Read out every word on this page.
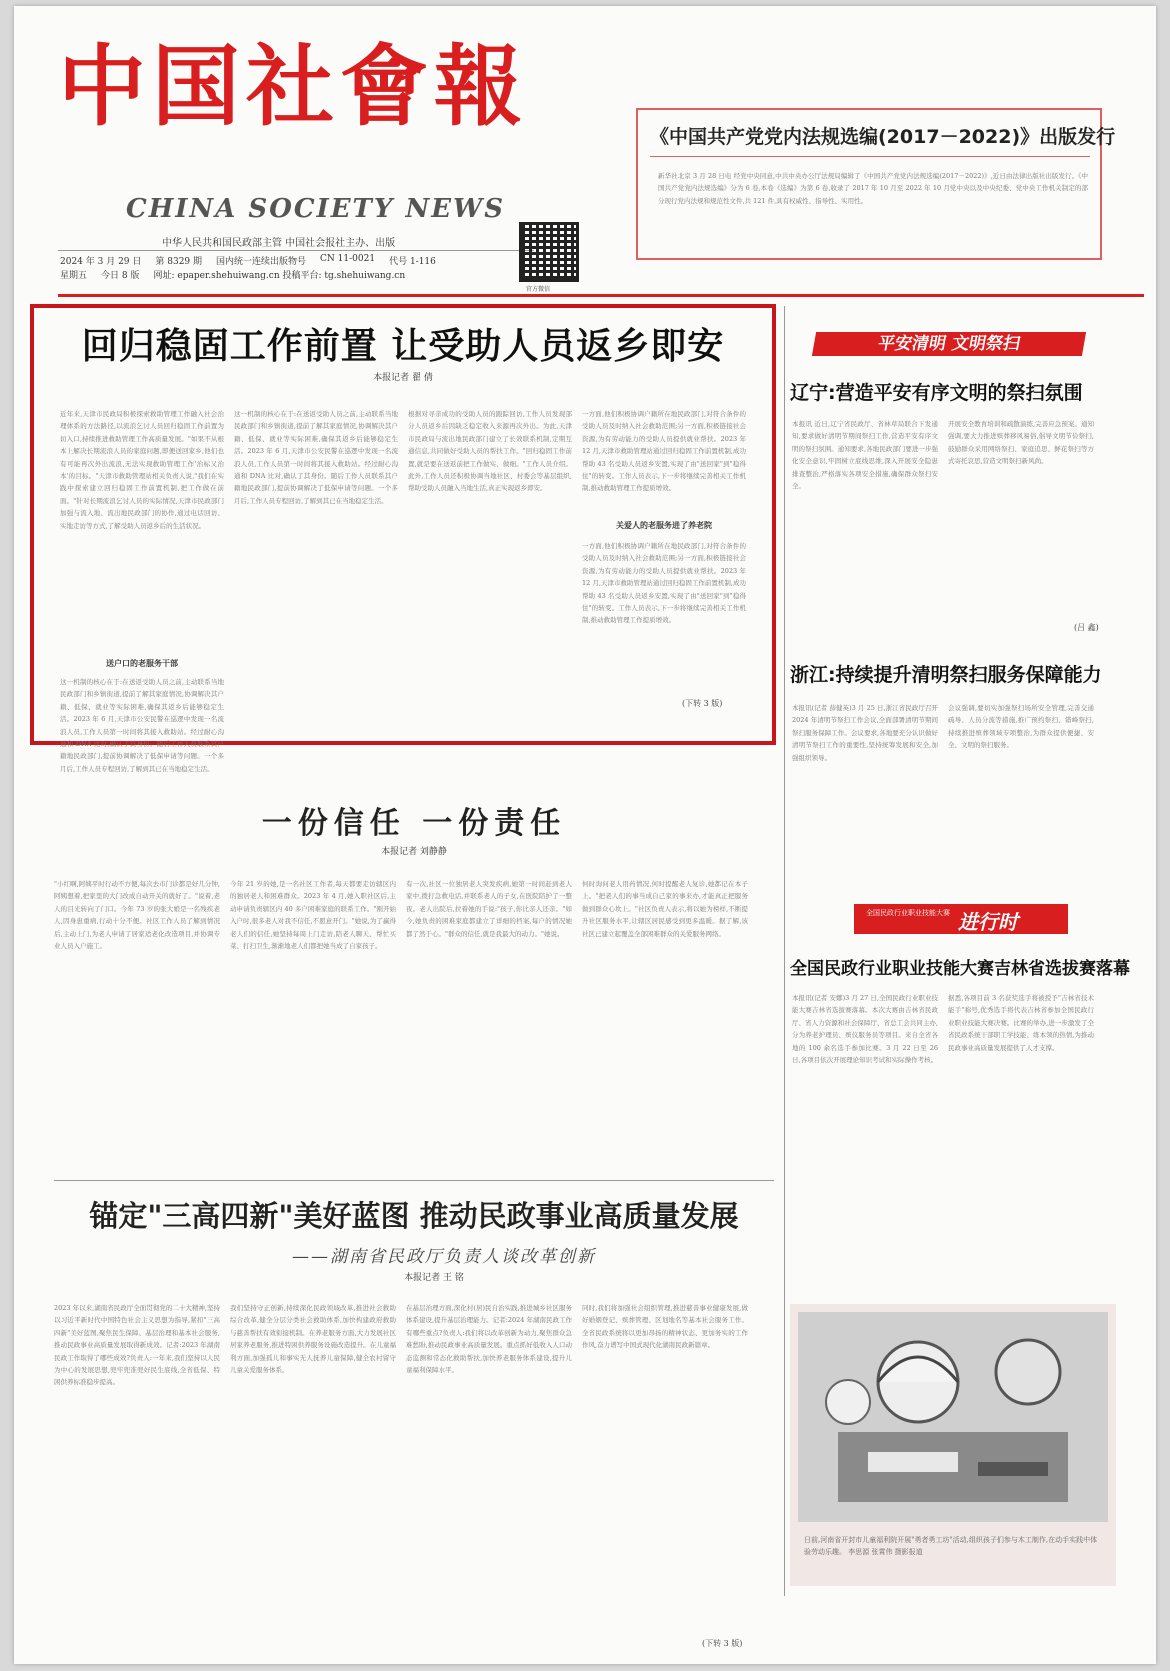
中国社會報
CHINA SOCIETY NEWS
中华人民共和国民政部主管 中国社会报社主办、出版
2024 年 3 月 29 日 第 8329 期 国内统一连续出版物号 CN 11-0021 代号 1-116
星期五 今日 8 版 网址: epaper.shehuiwang.cn 投稿平台: tg.shehuiwang.cn
官方微信
《中国共产党党内法规选编(2017－2022)》出版发行
新华社北京 3 月 28 日电 经党中央同意,中共中央办公厅法规局编辑了《中国共产党党内法规选编(2017－2022)》,近日由法律出版社出版发行。《中国共产党党内法规选编》分为 6 卷,本卷《选编》为第 6 卷,收录了 2017 年 10 月至 2022 年 10 月党中央以及中央纪委、党中央工作机关制定的部分现行党内法规和规范性文件,共 121 件,具有权威性、指导性、实用性。
回归稳固工作前置 让受助人员返乡即安
本报记者 翟 倩
近年来,天津市民政局积极探索救助管理工作融入社会治理体系的方法路径,以流浪乞讨人员回归稳固工作前置为切入口,持续推进救助管理工作高质量发展。"如果不从根本上解决长期流浪人员的家庭问题,即便送回家乡,他们也有可能再次外出流浪,无法实现救助管理工作'治标又治本'的目标。"天津市救助管理站相关负责人说,"我们在实践中探索建立回归稳固工作前置机制,把工作做在前面。"针对长期流浪乞讨人员的实际情况,天津市民政部门加强与流入地、流出地民政部门的协作,通过电话回访、实地走访等方式,了解受助人员返乡后的生活状况。
送户口的老服务干部
这一机制的核心在于:在送返受助人员之前,主动联系当地民政部门和乡镇街道,提前了解其家庭情况,协调解决其户籍、低保、就业等实际困难,确保其返乡后能够稳定生活。2023 年 6 月,天津市公安民警在巡逻中发现一名流浪人员,工作人员第一时间将其接入救助站。经过耐心沟通和 DNA 比对,确认了其身份。随后工作人员联系其户籍地民政部门,提前协调解决了低保申请等问题。一个多月后,工作人员专程回访,了解到其已在当地稳定生活。
这一机制的核心在于:在送返受助人员之前,主动联系当地民政部门和乡镇街道,提前了解其家庭情况,协调解决其户籍、低保、就业等实际困难,确保其返乡后能够稳定生活。2023 年 6 月,天津市公安民警在巡逻中发现一名流浪人员,工作人员第一时间将其接入救助站。经过耐心沟通和 DNA 比对,确认了其身份。随后工作人员联系其户籍地民政部门,提前协调解决了低保申请等问题。一个多月后,工作人员专程回访,了解到其已在当地稳定生活。
根据对寻亲成功的受助人员的跟踪回访,工作人员发现部分人员返乡后因缺乏稳定收入来源再次外出。为此,天津市民政局与流出地民政部门建立了长效联系机制,定期互通信息,共同做好受助人员的帮扶工作。"回归稳固工作前置,就是要在送返前把工作做实、做细。"工作人员介绍。此外,工作人员还积极协调当地社区、村委会等基层组织,帮助受助人员融入当地生活,真正实现返乡即安。
一方面,他们积极协调户籍所在地民政部门,对符合条件的受助人员及时纳入社会救助范围;另一方面,积极链接社会资源,为有劳动能力的受助人员提供就业帮扶。2023 年 12 月,天津市救助管理站通过回归稳固工作前置机制,成功帮助 43 名受助人员返乡安置,实现了由"送回家"到"稳得住"的转变。工作人员表示,下一步将继续完善相关工作机制,推动救助管理工作提质增效。
关爱人的老服务进了养老院
一方面,他们积极协调户籍所在地民政部门,对符合条件的受助人员及时纳入社会救助范围;另一方面,积极链接社会资源,为有劳动能力的受助人员提供就业帮扶。2023 年 12 月,天津市救助管理站通过回归稳固工作前置机制,成功帮助 43 名受助人员返乡安置,实现了由"送回家"到"稳得住"的转变。工作人员表示,下一步将继续完善相关工作机制,推动救助管理工作提质增效。
(下转 3 版)
一份信任 一份责任
本报记者 刘静静
"小红啊,阿姨平时行动不方便,每次去市门诊都是好几分钟,阿姨想着,把家里的大门改成自动开关的就好了。"说着,老人的目光转向了门口。今年 73 岁的张大娘是一名残疾老人,因身患重病,行动十分不便。社区工作人员了解到情况后,主动上门,为老人申请了居家适老化改造项目,并协调专业人员入户施工。
今年 21 岁的她,是一名社区工作者,每天都要走访辖区内的独居老人和困难群众。2023 年 4 月,她入职社区后,主动申请负责辖区内 40 多户困难家庭的联系工作。"刚开始入户时,很多老人对我不信任,不愿意开门。"她说,为了赢得老人们的信任,她坚持每周上门走访,陪老人聊天、帮忙买菜、打扫卫生,渐渐地老人们都把她当成了自家孩子。
有一次,社区一位独居老人突发疾病,她第一时间赶到老人家中,拨打急救电话,并联系老人的子女,在医院陪护了一整夜。老人出院后,拉着她的手说:"孩子,你比亲人还亲。"如今,她负责的困难家庭都建立了详细的档案,每户的情况她都了然于心。"群众的信任,就是我最大的动力。"她说。
何时询问老人用药情况,何时提醒老人复诊,她都记在本子上。"把老人们的事当成自己家的事来办,才能真正把服务做到群众心坎上。"社区负责人表示,将以她为榜样,不断提升社区服务水平,让辖区居民感受到更多温暖。据了解,该社区已建立起覆盖全部困难群众的关爱服务网络。
锚定"三高四新"美好蓝图 推动民政事业高质量发展
——湖南省民政厅负责人谈改革创新
本报记者 王 铭
2023 年以来,湖南省民政厅全面贯彻党的二十大精神,坚持以习近平新时代中国特色社会主义思想为指导,紧扣"三高四新"美好蓝图,聚焦民生保障、基层治理和基本社会服务,推动民政事业高质量发展取得新成效。记者:2023 年湖南民政工作取得了哪些成效?负责人:一年来,我们坚持以人民为中心的发展思想,兜牢兜准兜好民生底线,全省低保、特困供养标准稳步提高。
我们坚持守正创新,持续深化民政领域改革,推进社会救助综合改革,健全分层分类社会救助体系,加快构建政府救助与慈善帮扶有效衔接机制。在养老服务方面,大力发展社区居家养老服务,推进特困供养服务设施改造提升。在儿童福利方面,加强孤儿和事实无人抚养儿童保障,健全农村留守儿童关爱服务体系。
在基层治理方面,深化村(居)民自治实践,推进城乡社区服务体系建设,提升基层治理能力。记者:2024 年湖南民政工作有哪些重点?负责人:我们将以改革创新为动力,聚焦群众急难愁盼,推动民政事业高质量发展。重点抓好低收入人口动态监测和常态化救助帮扶,加快养老服务体系建设,提升儿童福利保障水平。
同时,我们将加强社会组织管理,推进慈善事业健康发展,做好婚姻登记、殡葬管理、区划地名等基本社会服务工作。全省民政系统将以更加昂扬的精神状态、更加务实的工作作风,奋力谱写中国式现代化湖南民政新篇章。
(下转 3 版)
平安清明 文明祭扫
辽宁:营造平安有序文明的祭扫氛围
本报讯 近日,辽宁省民政厅、省林草局联合下发通知,要求做好清明节期间祭扫工作,营造平安有序文明的祭扫氛围。通知要求,各地民政部门要进一步强化安全意识,牢固树立底线思维,深入开展安全隐患排查整治,严格落实各项安全措施,确保群众祭扫安全。
开展安全教育培训和疏散演练,完善应急预案。通知强调,要大力推进殡葬移风易俗,倡导文明节俭祭扫,鼓励群众采用网络祭扫、家庭追思、鲜花祭扫等方式寄托哀思,营造文明祭扫新风尚。
(吕 鑫)
浙江:持续提升清明祭扫服务保障能力
本报讯(记者 薛健英)3 月 25 日,浙江省民政厅召开 2024 年清明节祭扫工作会议,全面部署清明节期间祭扫服务保障工作。会议要求,各地要充分认识做好清明节祭扫工作的重要性,坚持统筹发展和安全,加强组织领导。
会议强调,要切实加强祭扫场所安全管理,完善交通疏导、人员分流等措施,推广预约祭扫、错峰祭扫,持续推进殡葬领域专项整治,为群众提供便捷、安全、文明的祭扫服务。
全国民政行业职业技能大赛 进行时
全国民政行业职业技能大赛吉林省选拔赛落幕
本报讯(记者 安娜)3 月 27 日,全国民政行业职业技能大赛吉林省选拔赛落幕。本次大赛由吉林省民政厅、省人力资源和社会保障厅、省总工会共同主办,分为养老护理员、殡仪服务员等项目。来自全省各地的 100 余名选手参加比赛。3 月 22 日至 26 日,各项目依次开展理论知识考试和实际操作考核。
据悉,各项目前 3 名获奖选手将被授予"吉林省技术能手"称号,优秀选手将代表吉林省参加全国民政行业职业技能大赛决赛。比赛的举办,进一步激发了全省民政系统干部职工学技能、练本领的热情,为推动民政事业高质量发展提供了人才支撑。
日前,河南省开封市儿童福利院开展"勇者勇工坊"活动,组织孩子们参与木工制作,在动手实践中体验劳动乐趣。 李思源 张霄伟 摄影报道
